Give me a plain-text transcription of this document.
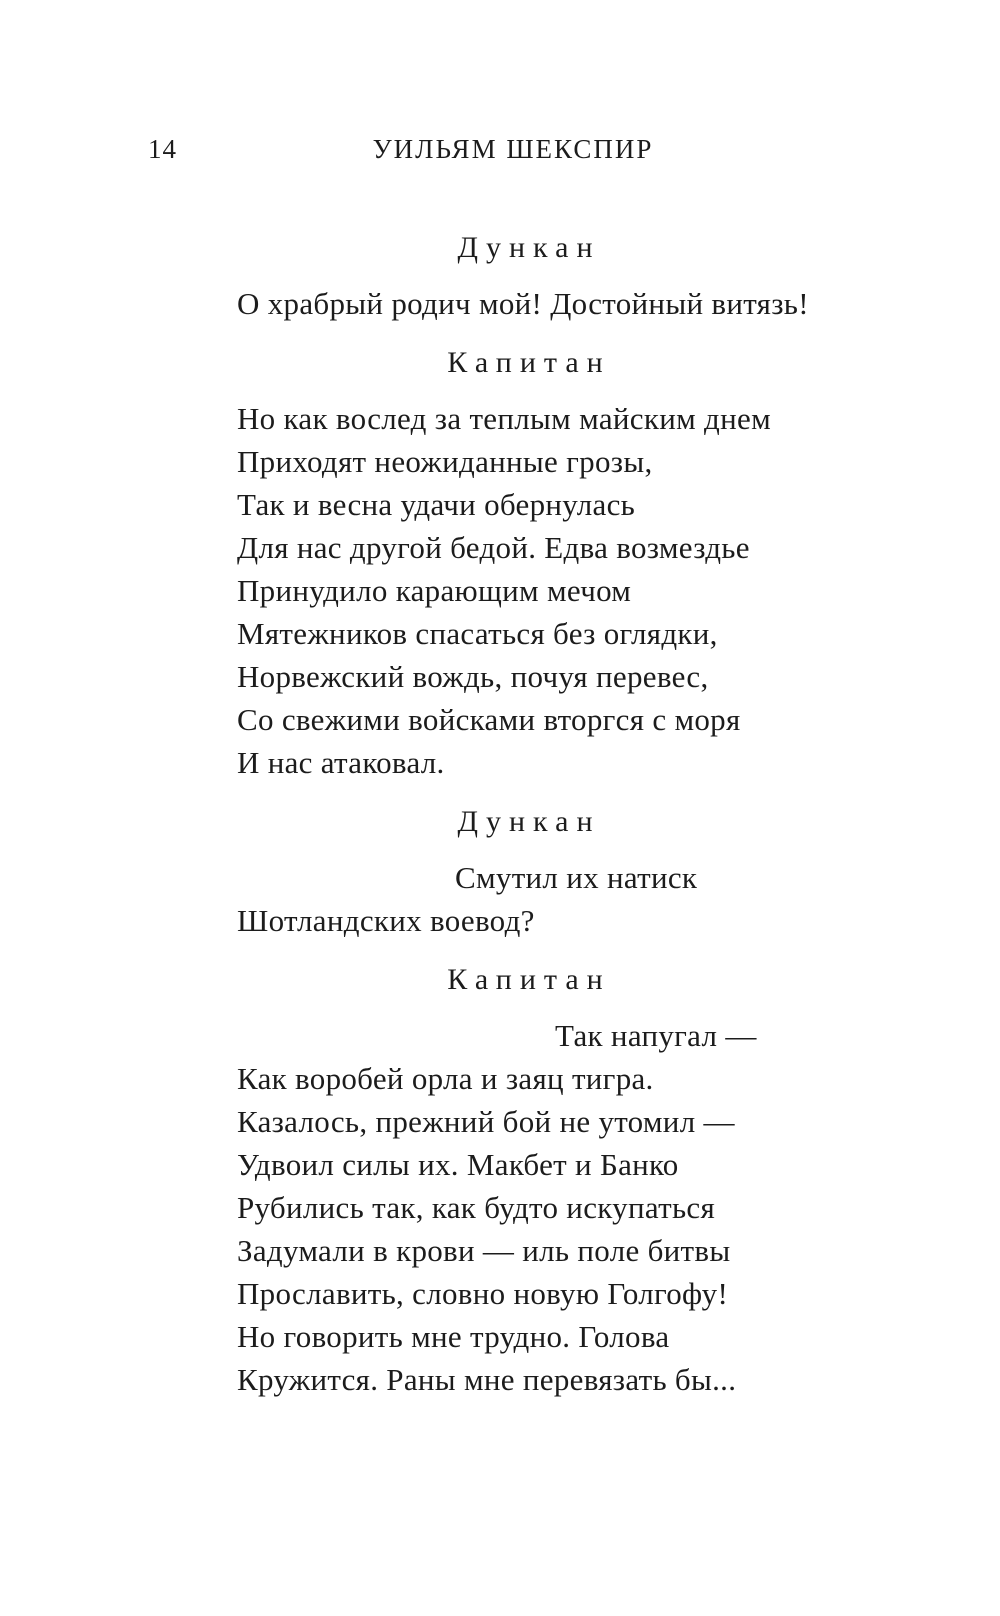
14	УИЛЬЯМ ШЕКСПИР
Дункан
О храбрый родич мой! Достойный витязь!
Капитан
Но как вослед за теплым майским днем
Приходят неожиданные грозы,
Так и весна удачи обернулась
Для нас другой бедой. Едва возмездье
Принудило карающим мечом
Мятежников спасаться без оглядки,
Норвежский вождь, почуя перевес,
Со свежими войсками вторгся с моря
И нас атаковал.
Дункан
Смутил их натиск
Шотландских воевод?
Капитан
Так напугал —
Как воробей орла и заяц тигра.
Казалось, прежний бой не утомил —
Удвоил силы их. Макбет и Банко
Рубились так, как будто искупаться
Задумали в крови — иль поле битвы
Прославить, словно новую Голгофу!
Но говорить мне трудно. Голова
Кружится. Раны мне перевязать бы...
